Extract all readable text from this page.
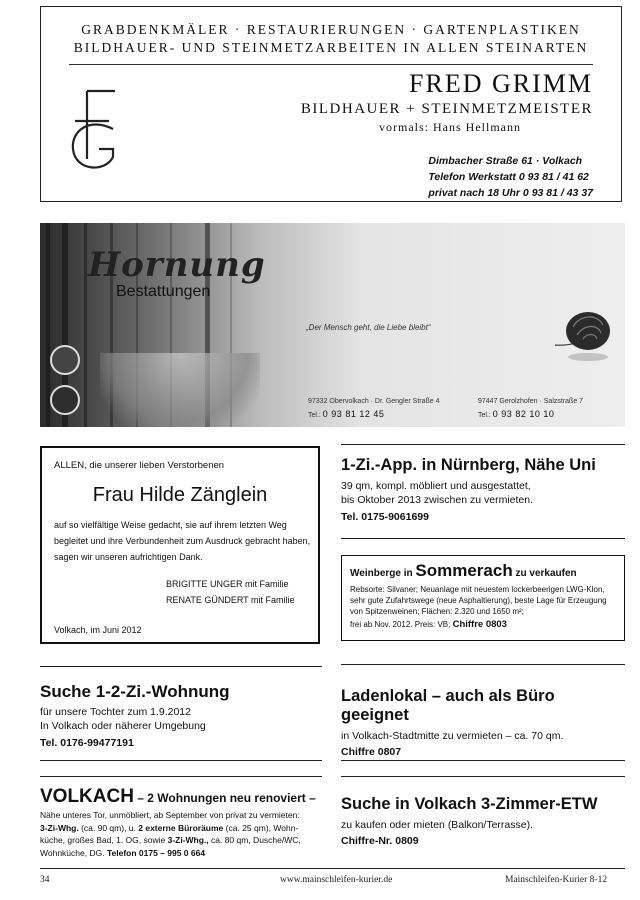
GRABDENKMÄLER · RESTAURIERUNGEN · GARTENPLASTIKEN
BILDHAUER- UND STEINMETZARBEITEN IN ALLEN STEINARTEN
FRED GRIMM
BILDHAUER + STEINMETZMEISTER
vormals: Hans Hellmann
Dimbacher Straße 61 · Volkach
Telefon Werkstatt 0 93 81 / 41 62
privat nach 18 Uhr 0 93 81 / 43 37
Hornung
Bestattungen
„Der Mensch geht, die Liebe bleibt“
97332 Obervolkach · Dr. Gengler Straße 4
Tel.: 0 93 81 12 45
97447 Gerolzhofen · Salzstraße 7
Tel.: 0 93 82 10 10
ALLEN, die unserer lieben Verstorbenen
Frau Hilde Zänglein
auf so vielfältige Weise gedacht, sie auf ihrem letzten Weg begleitet und ihre Verbundenheit zum Ausdruck gebracht haben, sagen wir unseren aufrichtigen Dank.
BRIGITTE UNGER mit Familie
RENATE GÜNDERT mit Familie
Volkach, im Juni 2012
1-Zi.-App. in Nürnberg, Nähe Uni
39 qm, kompl. möbliert und ausgestattet,
bis Oktober 2013 zwischen zu vermieten.
Tel. 0175-9061699
Weinberge in Sommerach zu verkaufen
Rebsorte: Silvaner; Neuanlage mit neuestem lockerbeerigen LWG-Klon, sehr gute Zufahrtswege (neue Asphaltierung), beste Lage für Erzeugung von Spitzenweinen; Flächen: 2.320 und 1650 m²;
frei ab Nov. 2012. Preis: VB; Chiffre 0803
Suche 1-2-Zi.-Wohnung
für unsere Tochter zum 1.9.2012
In Volkach oder näherer Umgebung
Tel. 0176-99477191
Ladenlokal – auch als Büro geeignet
in Volkach-Stadtmitte zu vermieten – ca. 70 qm.
Chiffre 0807
VOLKACH – 2 Wohnungen neu renoviert –
Nähe unteres Tor, unmöbliert, ab September von privat zu vermieten:
3-Zi-Whg. (ca. 90 qm), u. 2 externe Büroräume (ca. 25 qm), Wohn-
küche, großes Bad, 1. OG, sowie 3-Zi-Whg., ca. 80 qm, Dusche/WC,
Wohnküche, DG. Telefon 0175 – 995 0 664
Suche in Volkach 3-Zimmer-ETW
zu kaufen oder mieten (Balkon/Terrasse).
Chiffre-Nr. 0809
34	www.mainschleifen-kurier.de	Mainschleifen-Kurier 8-12
